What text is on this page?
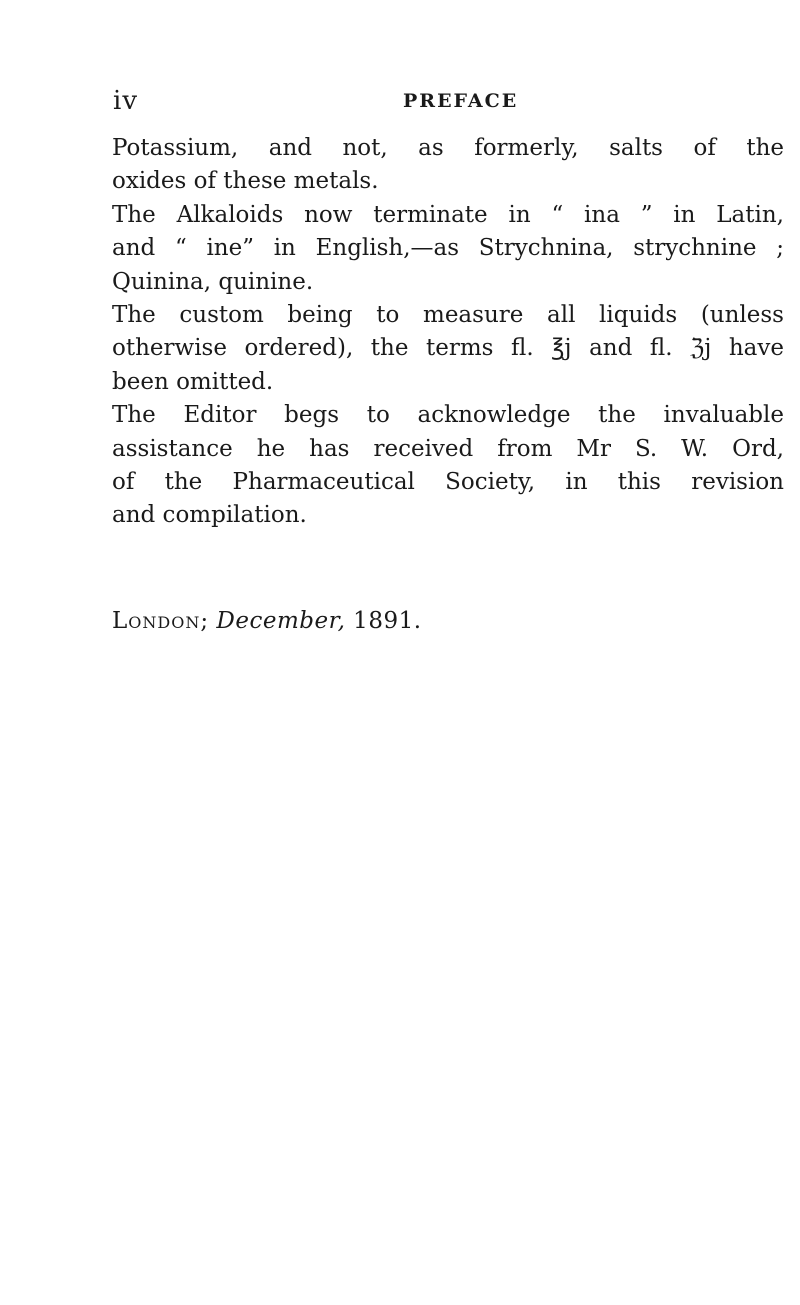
iv	PREFACE
Potassium, and not, as formerly, salts of the
oxides of these metals.
The Alkaloids now terminate in “ ina ” in Latin,
and “ ine” in English,—as Strychnina, strychnine ;
Quinina, quinine.
The custom being to measure all liquids (unless
otherwise ordered), the terms fl. ℥j and fl. ℨj have
been omitted.
The Editor begs to acknowledge the invaluable
assistance he has received from Mr S. W. Ord,
of the Pharmaceutical Society, in this revision
and compilation.
London; December, 1891.
